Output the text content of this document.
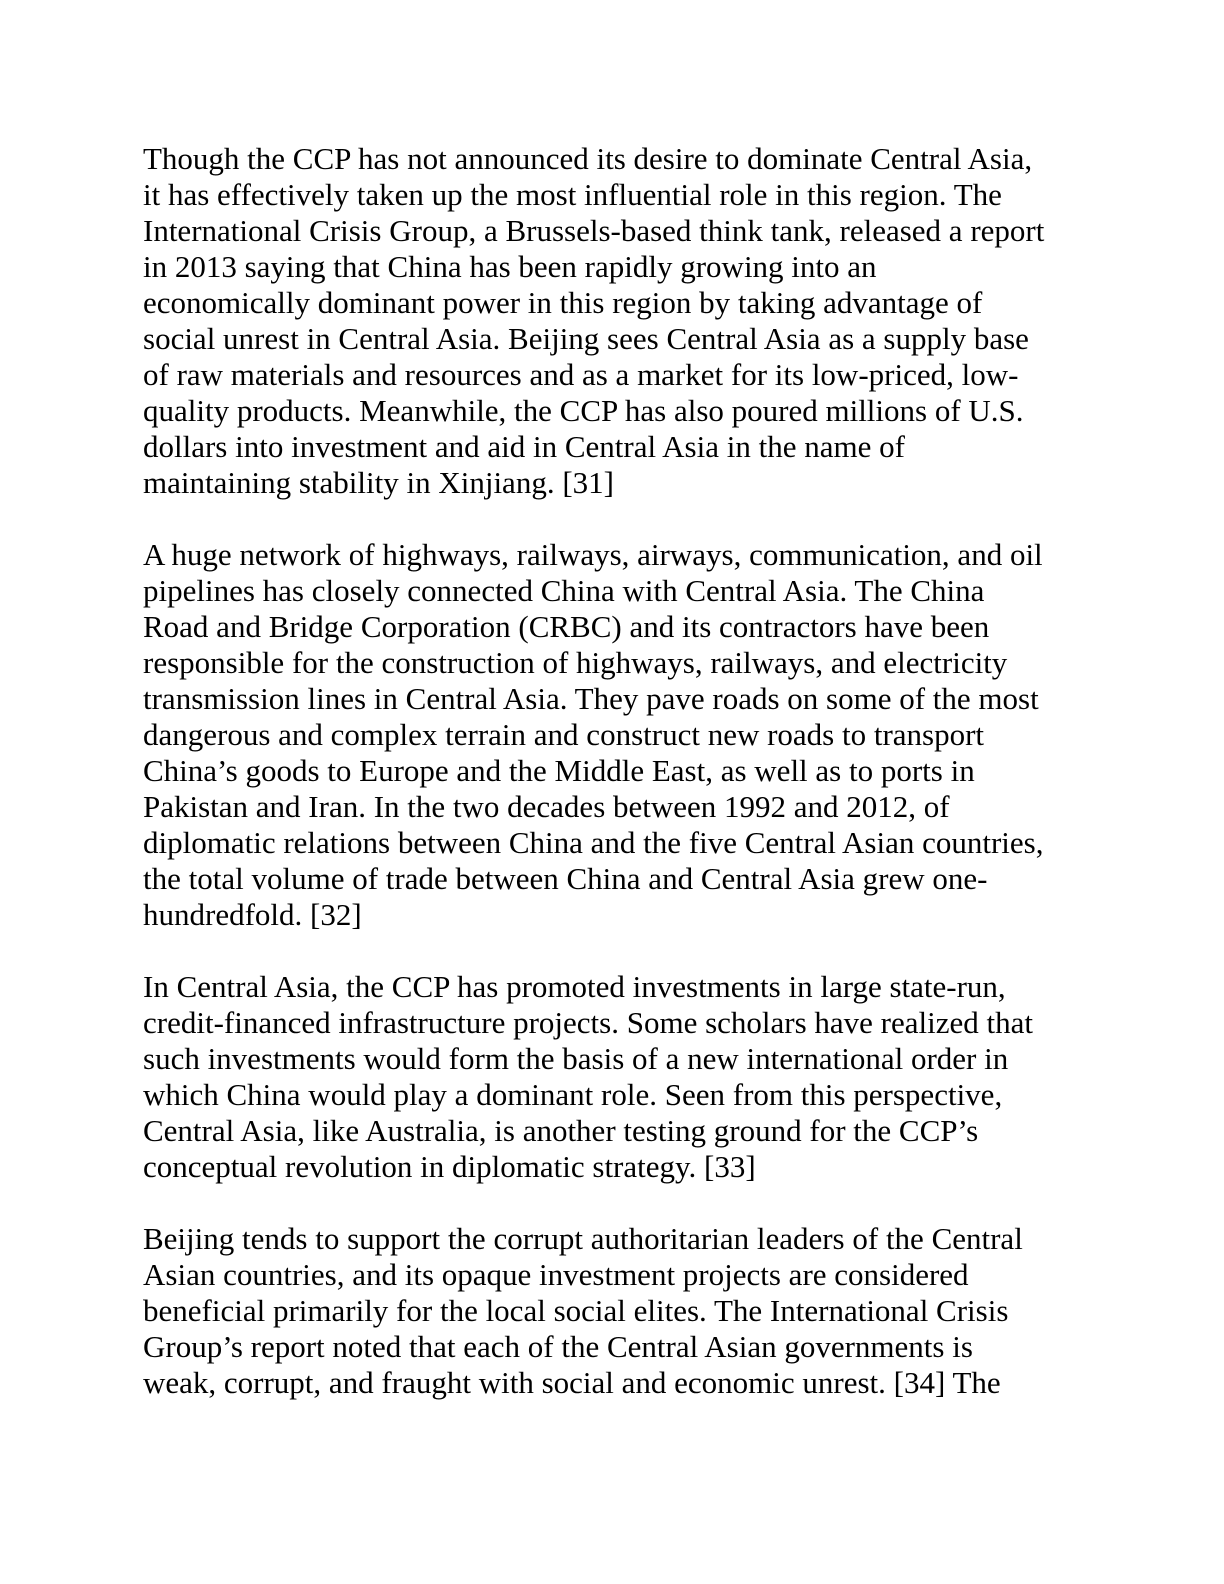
Though the CCP has not announced its desire to dominate Central Asia,
it has effectively taken up the most influential role in this region. The
International Crisis Group, a Brussels-based think tank, released a report
in 2013 saying that China has been rapidly growing into an
economically dominant power in this region by taking advantage of
social unrest in Central Asia. Beijing sees Central Asia as a supply base
of raw materials and resources and as a market for its low-priced, low-
quality products. Meanwhile, the CCP has also poured millions of U.S.
dollars into investment and aid in Central Asia in the name of
maintaining stability in Xinjiang. [31]

A huge network of highways, railways, airways, communication, and oil
pipelines has closely connected China with Central Asia. The China
Road and Bridge Corporation (CRBC) and its contractors have been
responsible for the construction of highways, railways, and electricity
transmission lines in Central Asia. They pave roads on some of the most
dangerous and complex terrain and construct new roads to transport
China’s goods to Europe and the Middle East, as well as to ports in
Pakistan and Iran. In the two decades between 1992 and 2012, of
diplomatic relations between China and the five Central Asian countries,
the total volume of trade between China and Central Asia grew one-
hundredfold. [32]

In Central Asia, the CCP has promoted investments in large state-run,
credit-financed infrastructure projects. Some scholars have realized that
such investments would form the basis of a new international order in
which China would play a dominant role. Seen from this perspective,
Central Asia, like Australia, is another testing ground for the CCP’s
conceptual revolution in diplomatic strategy. [33]

Beijing tends to support the corrupt authoritarian leaders of the Central
Asian countries, and its opaque investment projects are considered
beneficial primarily for the local social elites. The International Crisis
Group’s report noted that each of the Central Asian governments is
weak, corrupt, and fraught with social and economic unrest. [34] The
